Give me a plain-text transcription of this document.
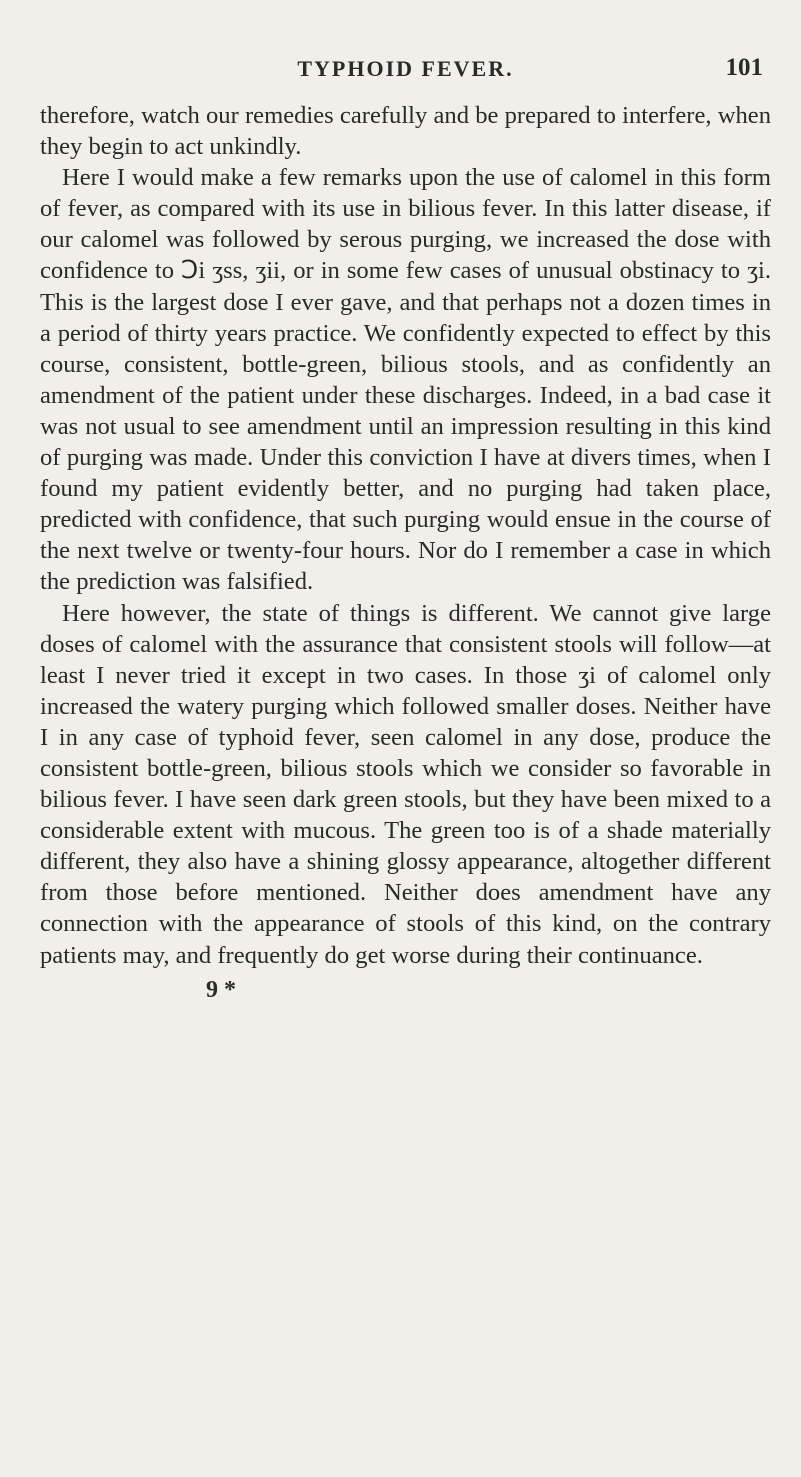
TYPHOID FEVER.	101

therefore, watch our remedies carefully and be prepared to interfere, when they begin to act unkindly.

Here I would make a few remarks upon the use of calomel in this form of fever, as compared with its use in bilious fever. In this latter disease, if our calomel was followed by serous purging, we increased the dose with confidence to Ↄi ʒss, ʒii, or in some few cases of unusual obstinacy to ʒi. This is the largest dose I ever gave, and that perhaps not a dozen times in a period of thirty years practice. We confidently expected to effect by this course, consistent, bottle-green, bilious stools, and as confidently an amendment of the patient under these discharges. Indeed, in a bad case it was not usual to see amendment until an impression resulting in this kind of purging was made. Under this conviction I have at divers times, when I found my patient evidently better, and no purging had taken place, predicted with confidence, that such purging would ensue in the course of the next twelve or twenty-four hours. Nor do I remember a case in which the prediction was falsified.

Here however, the state of things is different. We cannot give large doses of calomel with the assurance that consistent stools will follow—at least I never tried it except in two cases. In those ʒi of calomel only increased the watery purging which followed smaller doses. Neither have I in any case of typhoid fever, seen calomel in any dose, produce the consistent bottle-green, bilious stools which we consider so favorable in bilious fever. I have seen dark green stools, but they have been mixed to a considerable extent with mucous. The green too is of a shade materially different, they also have a shining glossy appearance, altogether different from those before mentioned. Neither does amendment have any connection with the appearance of stools of this kind, on the contrary patients may, and frequently do get worse during their continuance.

9 *
